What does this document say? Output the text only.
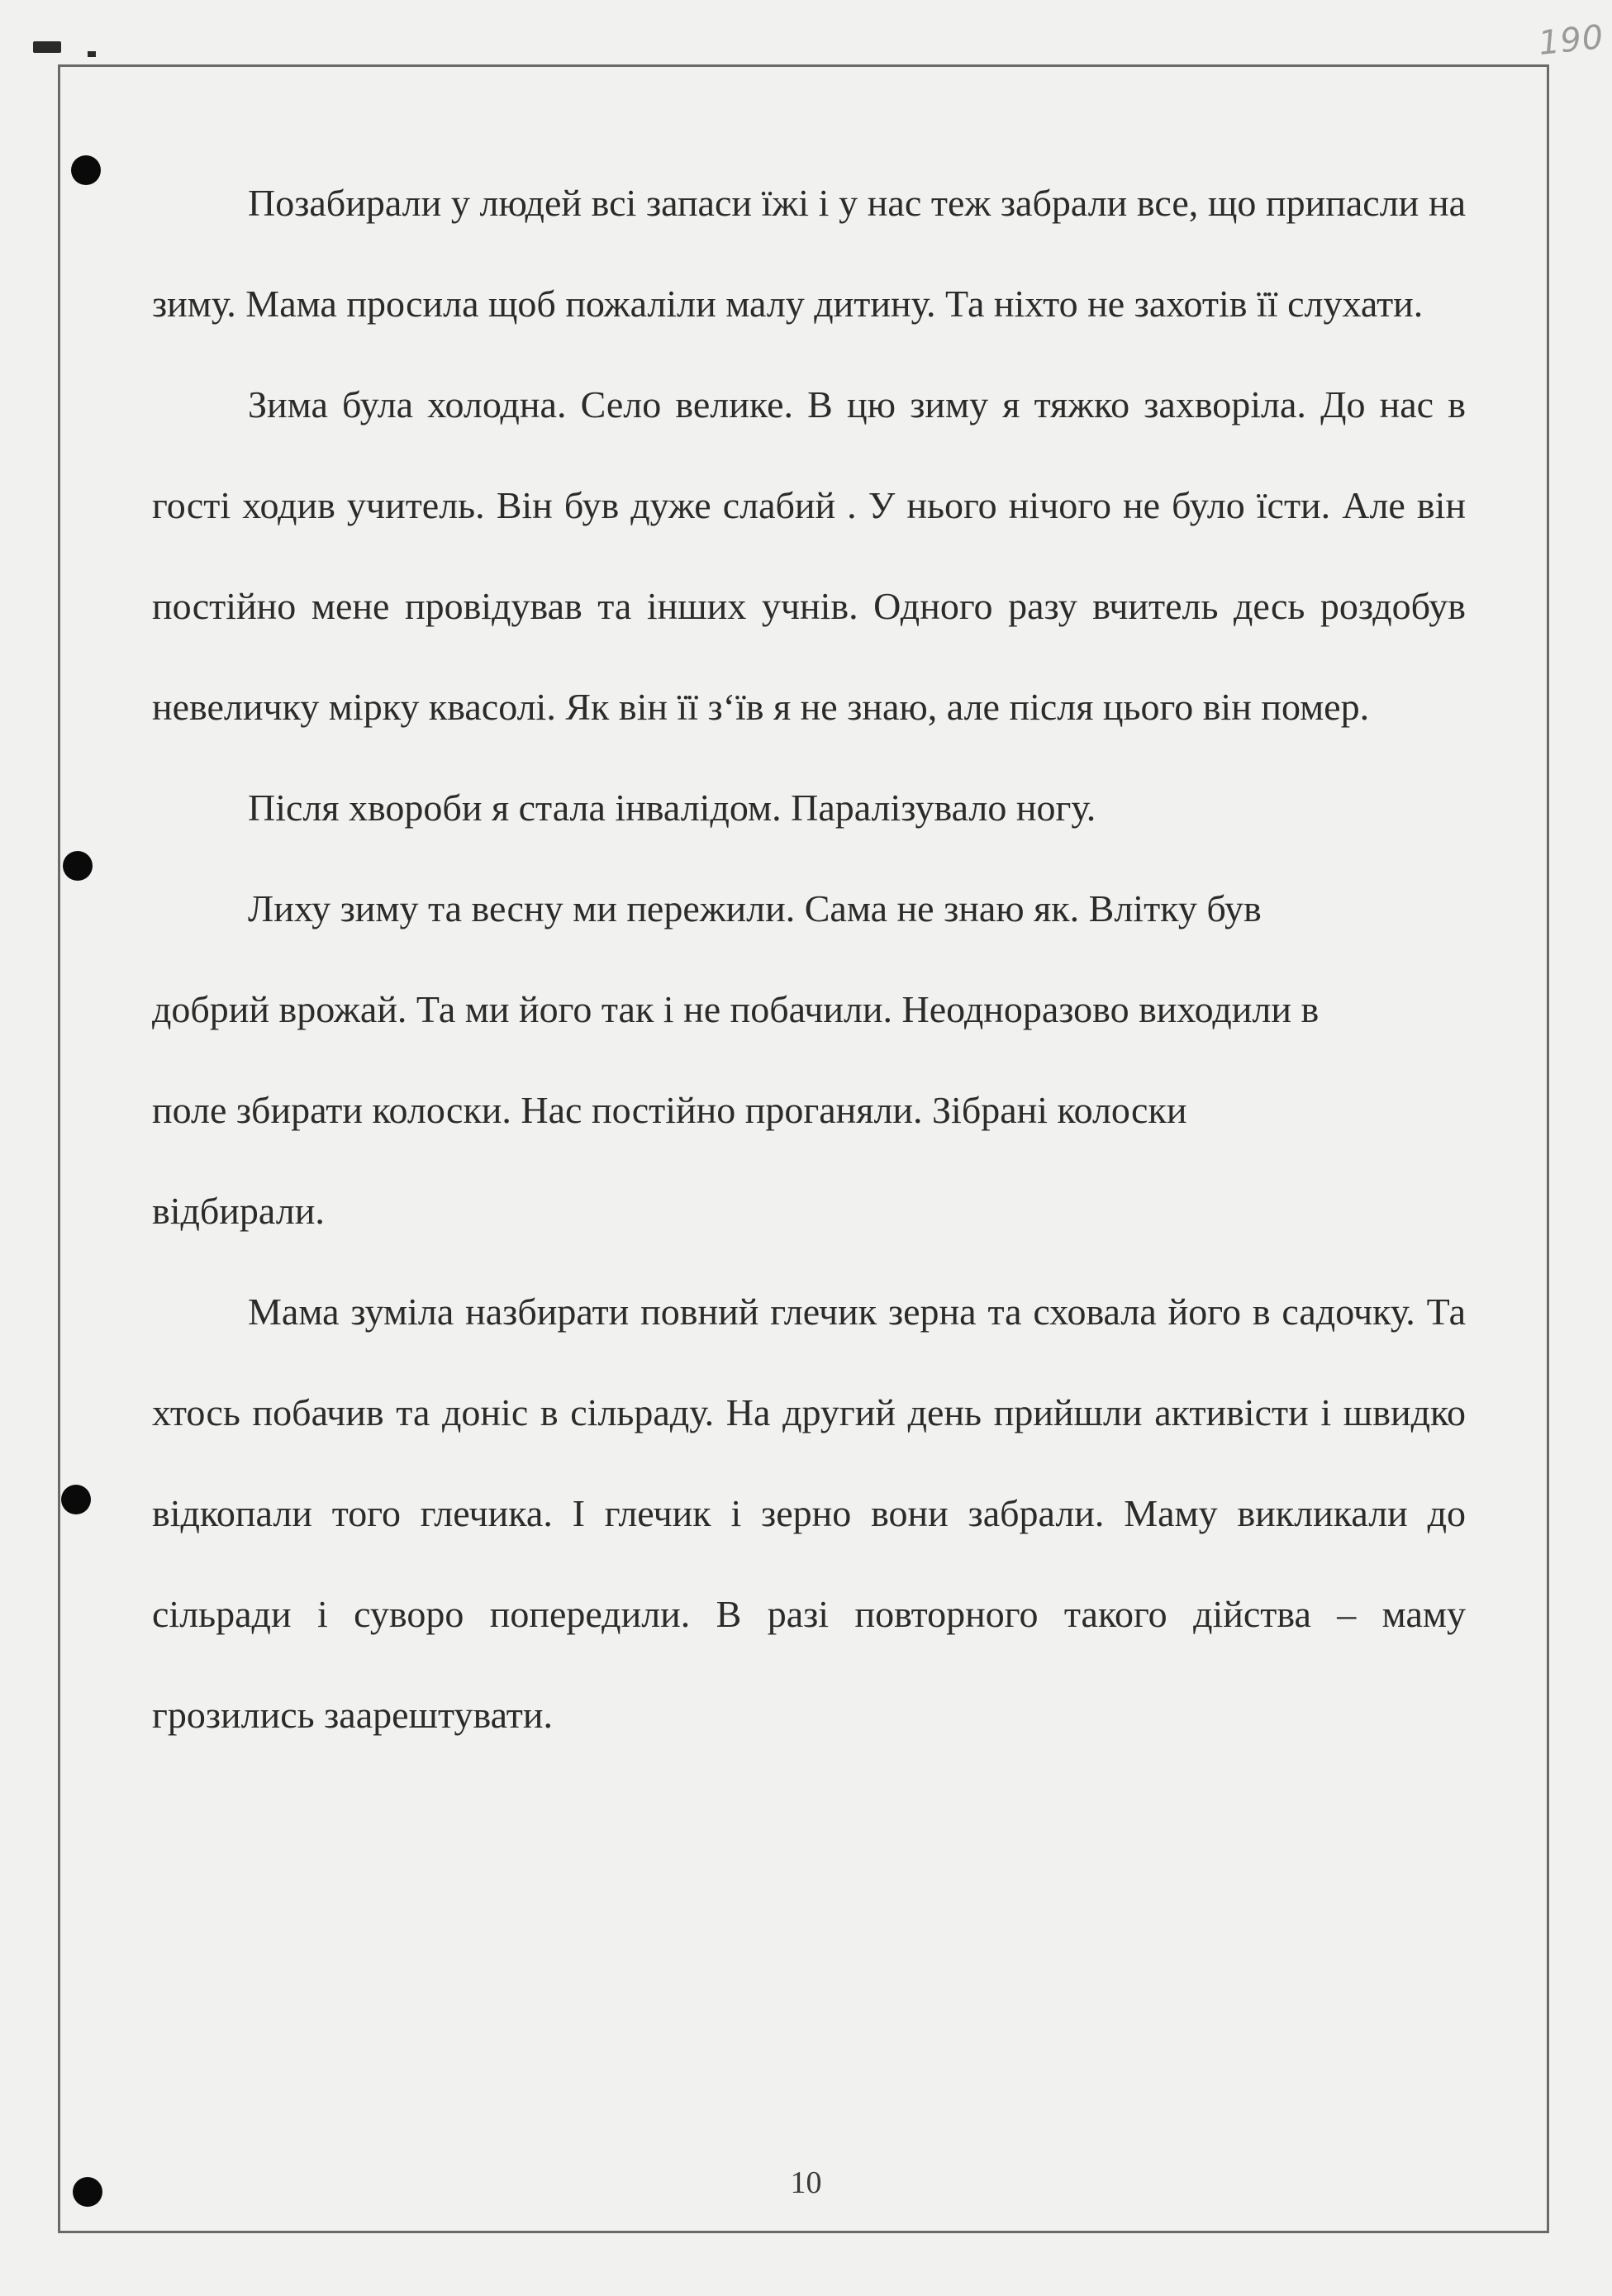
190

Позабирали у людей всі запаси їжі і у нас теж забрали все, що припасли на зиму. Мама просила щоб пожаліли малу дитину. Та ніхто не захотів її слухати.

Зима була холодна. Село велике. В цю зиму я тяжко захворіла. До нас в гості ходив учитель. Він був дуже слабий . У нього нічого не було їсти. Але він постійно мене провідував та інших учнів. Одного разу вчитель десь роздобув невеличку мірку квасолі. Як він її з‘їв я не знаю, але після цього він помер.

Після хвороби я стала інвалідом. Паралізувало ногу.

Лиху зиму та весну ми пережили. Сама не знаю як. Влітку був добрий врожай. Та ми його так і не побачили. Неодноразово виходили в поле збирати колоски. Нас постійно проганяли. Зібрані колоски відбирали.

Мама зуміла назбирати повний глечик зерна та сховала його в садочку. Та хтось побачив та доніс в сільраду. На другий день прийшли активісти і швидко відкопали того глечика. І глечик і зерно вони забрали. Маму викликали до сільради і суворо попередили. В разі повторного такого дійства – маму грозились заарештувати.

10
